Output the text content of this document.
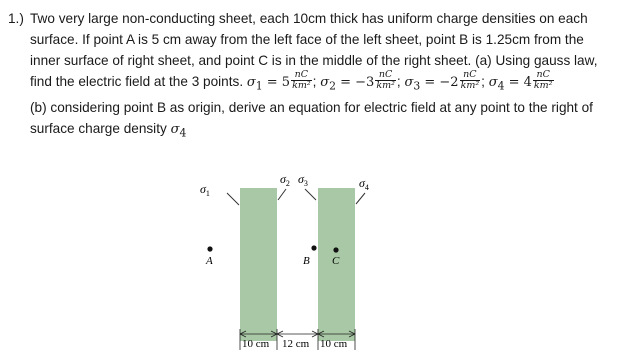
1.) Two very large non-conducting sheet, each 10cm thick has uniform charge densities on each
surface. If point A is 5 cm away from the left face of the left sheet, point B is 1.25cm from the
inner surface of right sheet, and point C is in the middle of the right sheet. (a) Using gauss law,
find the electric field at the 3 points. $\sigma_1 = 5 \frac{nC}{\text{km²}}$ ; $\sigma_2 = -3 \frac{nC}{\text{km²}}$ ; $\sigma_3 = -2 \frac{nC}{\text{km²}}$ ; $\sigma_4 = 4 \frac{nC}{\text{km²}}$
(b) considering point B as origin, derive an equation for electric field at any point to the right of
surface charge density $\sigma_4$
$\sigma_1$
$\sigma_2$ $\sigma_3$	$\sigma_4$
A	B C
10 cm 12 cm 10 cm
